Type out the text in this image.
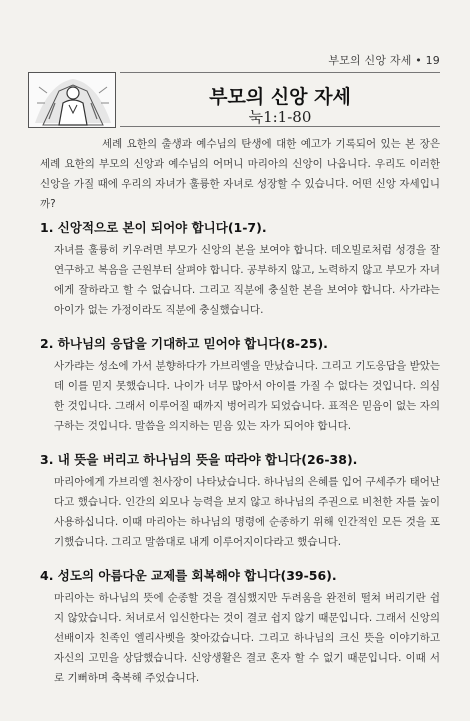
부모의 신앙 자세 • 19
부모의 신앙 자세
눅1:1-80

세례 요한의 출생과 예수님의 탄생에 대한 예고가 기록되어 있는 본 장은 세례 요한의 부모의 신앙과 예수님의 어머니 마리아의 신앙이 나옵니다. 우리도 이러한 신앙을 가질 때에 우리의 자녀가 훌륭한 자녀로 성장할 수 있습니다. 어떤 신앙 자세입니까?

1. 신앙적으로 본이 되어야 합니다(1-7).

자녀를 훌륭히 키우려면 부모가 신앙의 본을 보여야 합니다. 데오빌로처럼 성경을 잘 연구하고 복음을 근원부터 살펴야 합니다. 공부하지 않고, 노력하지 않고 부모가 자녀에게 잘하라고 할 수 없습니다. 그리고 직분에 충실한 본을 보여야 합니다. 사가랴는 아이가 없는 가정이라도 직분에 충실했습니다.

2. 하나님의 응답을 기대하고 믿어야 합니다(8-25).

사가랴는 성소에 가서 분향하다가 가브리엘을 만났습니다. 그리고 기도응답을 받았는데 이를 믿지 못했습니다. 나이가 너무 많아서 아이를 가질 수 없다는 것입니다. 의심한 것입니다. 그래서 이루어질 때까지 벙어리가 되었습니다. 표적은 믿음이 없는 자의 구하는 것입니다. 말씀을 의지하는 믿음 있는 자가 되어야 합니다.

3. 내 뜻을 버리고 하나님의 뜻을 따라야 합니다(26-38).

마리아에게 가브리엘 천사장이 나타났습니다. 하나님의 은혜를 입어 구세주가 태어난다고 했습니다. 인간의 외모나 능력을 보지 않고 하나님의 주권으로 비천한 자를 높이 사용하십니다. 이때 마리아는 하나님의 명령에 순종하기 위해 인간적인 모든 것을 포기했습니다. 그리고 말씀대로 내게 이루어지이다라고 했습니다.

4. 성도의 아름다운 교제를 회복해야 합니다(39-56).

마리아는 하나님의 뜻에 순종할 것을 결심했지만 두려움을 완전히 떨쳐 버리기란 쉽지 않았습니다. 처녀로서 임신한다는 것이 결코 쉽지 않기 때문입니다. 그래서 신앙의 선배이자 친족인 엘리사벳을 찾아갔습니다. 그리고 하나님의 크신 뜻을 이야기하고 자신의 고민을 상담했습니다. 신앙생활은 결코 혼자 할 수 없기 때문입니다. 이때 서로 기뻐하며 축복해 주었습니다.
